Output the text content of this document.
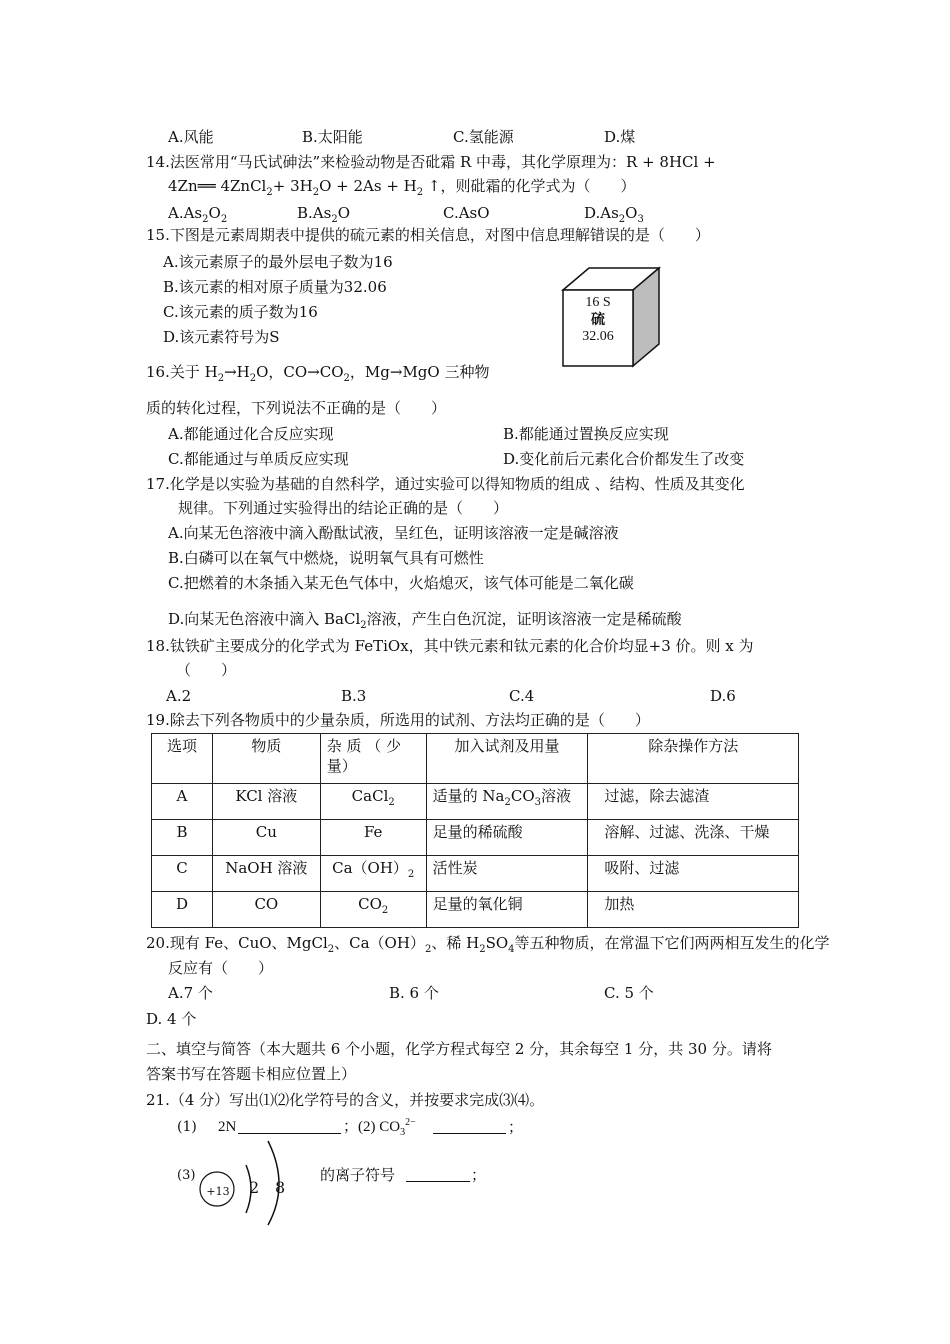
A.风能	B.太阳能	C.氢能源	D.煤
14.法医常用“马氏试砷法”来检验动物是否砒霜 R 中毒，其化学原理为：R + 8HCl +
4Zn══ 4ZnCl$_2$+ $3H_2O + 2As + H_2$ ↑，则砒霜的化学式为（　　）
$A.As_2O_2$	$B.As_2O$	C.AsO	$D.As_2O_3$
15.下图是元素周期表中提供的硫元素的相关信息，对图中信息理解错误的是（　　）
A.该元素原子的最外层电子数为16
B.该元素的相对原子质量为32.06
C.该元素的质子数为16
D.该元素符号为S
16 S
硫
32.06
16.关于 $H_2\to H_2O$，$CO\to CO_2$，Mg→MgO 三种物
质的转化过程，下列说法不正确的是（　　）
A.都能通过化合反应实现	B.都能通过置换反应实现
C.都能通过与单质反应实现	D.变化前后元素化合价都发生了改变
17.化学是以实验为基础的自然科学，通过实验可以得知物质的组成 、结构、性质及其变化
规律。下列通过实验得出的结论正确的是（　　）
A.向某无色溶液中滴入酚酞试液，呈红色，证明该溶液一定是碱溶液
B.白磷可以在氧气中燃烧，说明氧气具有可燃性
C.把燃着的木条插入某无色气体中，火焰熄灭，该气体可能是二氧化碳
D.向某无色溶液中滴入 BaCl$_2$溶液，产生白色沉淀，证明该溶液一定是稀硫酸
18.钛铁矿主要成分的化学式为 FeTiOx，其中铁元素和钛元素的化合价均显+3 价。则 x 为
（　　）
A.2	B.3	C.4	D.6
19.除去下列各物质中的少量杂质，所选用的试剂、方法均正确的是（　　）
选项	物质	杂 质 （ 少量）	加入试剂及用量	除杂操作方法
A	KCl 溶液	CaCl$_2$	适量的 $Na_2CO_3$溶液	过滤，除去滤渣
B	Cu	Fe	足量的稀硫酸	溶解、过滤、洗涤、干燥
C	NaOH 溶液	$Ca(OH)_2$	活性炭	吸附、过滤
D	CO	$CO_2$	足量的氧化铜	加热
20.现有 Fe、CuO、MgCl$_2$、$Ca(OH)_2$、稀 $H_2SO_4$等五种物质，在常温下它们两两相互发生的化学
反应有（　　）
A.7 个	B. 6 个	C. 5 个
D. 4 个
二、填空与简答（本大题共 6 个小题，化学方程式每空 2 分，其余每空 1 分，共 30 分。请将
答案书写在答题卡相应位置上）
21.（4 分）写出⑴⑵化学符号的含义，并按要求完成⑶⑷。
(1) 2N	；(2) $CO_3^{2-}$	；
(3)
+13 2 8
的离子符号	；
